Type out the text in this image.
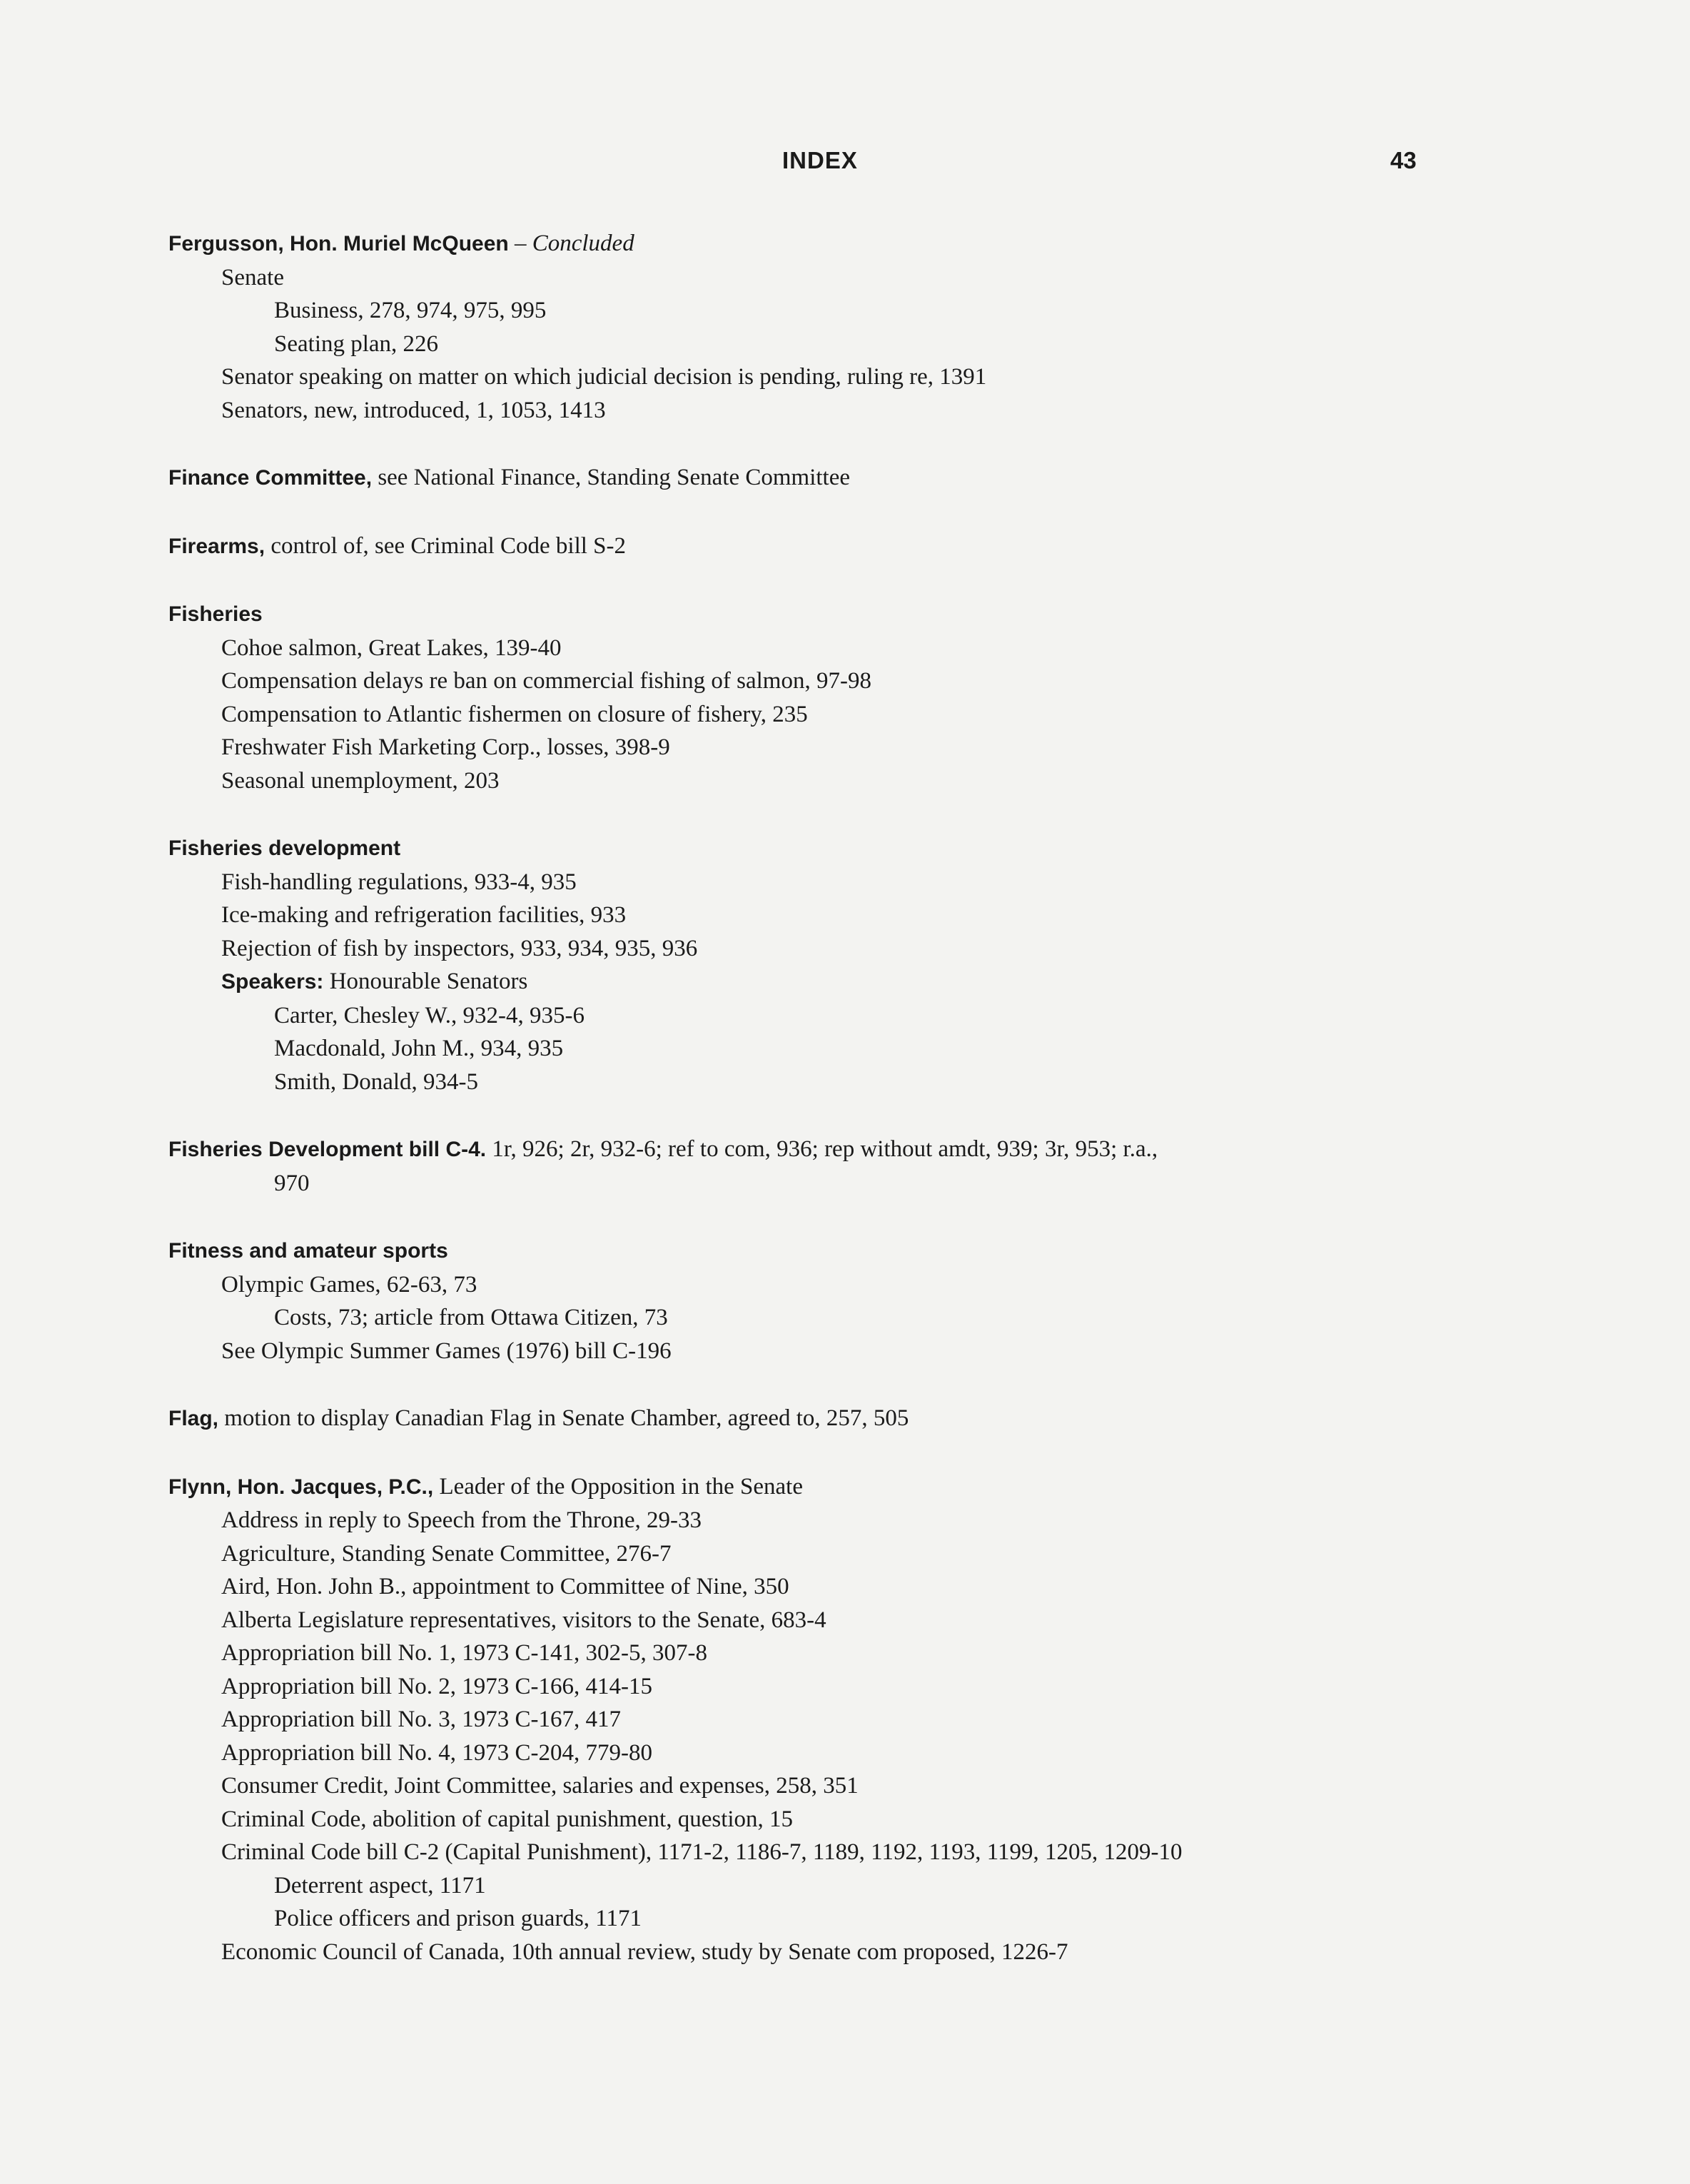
INDEX	43
Fergusson, Hon. Muriel McQueen – Concluded
Senate
Business, 278, 974, 975, 995
Seating plan, 226
Senator speaking on matter on which judicial decision is pending, ruling re, 1391
Senators, new, introduced, 1, 1053, 1413
Finance Committee, see National Finance, Standing Senate Committee
Firearms, control of, see Criminal Code bill S-2
Fisheries
Cohoe salmon, Great Lakes, 139-40
Compensation delays re ban on commercial fishing of salmon, 97-98
Compensation to Atlantic fishermen on closure of fishery, 235
Freshwater Fish Marketing Corp., losses, 398-9
Seasonal unemployment, 203
Fisheries development
Fish-handling regulations, 933-4, 935
Ice-making and refrigeration facilities, 933
Rejection of fish by inspectors, 933, 934, 935, 936
Speakers: Honourable Senators
Carter, Chesley W., 932-4, 935-6
Macdonald, John M., 934, 935
Smith, Donald, 934-5
Fisheries Development bill C-4. 1r, 926; 2r, 932-6; ref to com, 936; rep without amdt, 939; 3r, 953; r.a.,
970
Fitness and amateur sports
Olympic Games, 62-63, 73
Costs, 73; article from Ottawa Citizen, 73
See Olympic Summer Games (1976) bill C-196
Flag, motion to display Canadian Flag in Senate Chamber, agreed to, 257, 505
Flynn, Hon. Jacques, P.C., Leader of the Opposition in the Senate
Address in reply to Speech from the Throne, 29-33
Agriculture, Standing Senate Committee, 276-7
Aird, Hon. John B., appointment to Committee of Nine, 350
Alberta Legislature representatives, visitors to the Senate, 683-4
Appropriation bill No. 1, 1973 C-141, 302-5, 307-8
Appropriation bill No. 2, 1973 C-166, 414-15
Appropriation bill No. 3, 1973 C-167, 417
Appropriation bill No. 4, 1973 C-204, 779-80
Consumer Credit, Joint Committee, salaries and expenses, 258, 351
Criminal Code, abolition of capital punishment, question, 15
Criminal Code bill C-2 (Capital Punishment), 1171-2, 1186-7, 1189, 1192, 1193, 1199, 1205, 1209-10
Deterrent aspect, 1171
Police officers and prison guards, 1171
Economic Council of Canada, 10th annual review, study by Senate com proposed, 1226-7
